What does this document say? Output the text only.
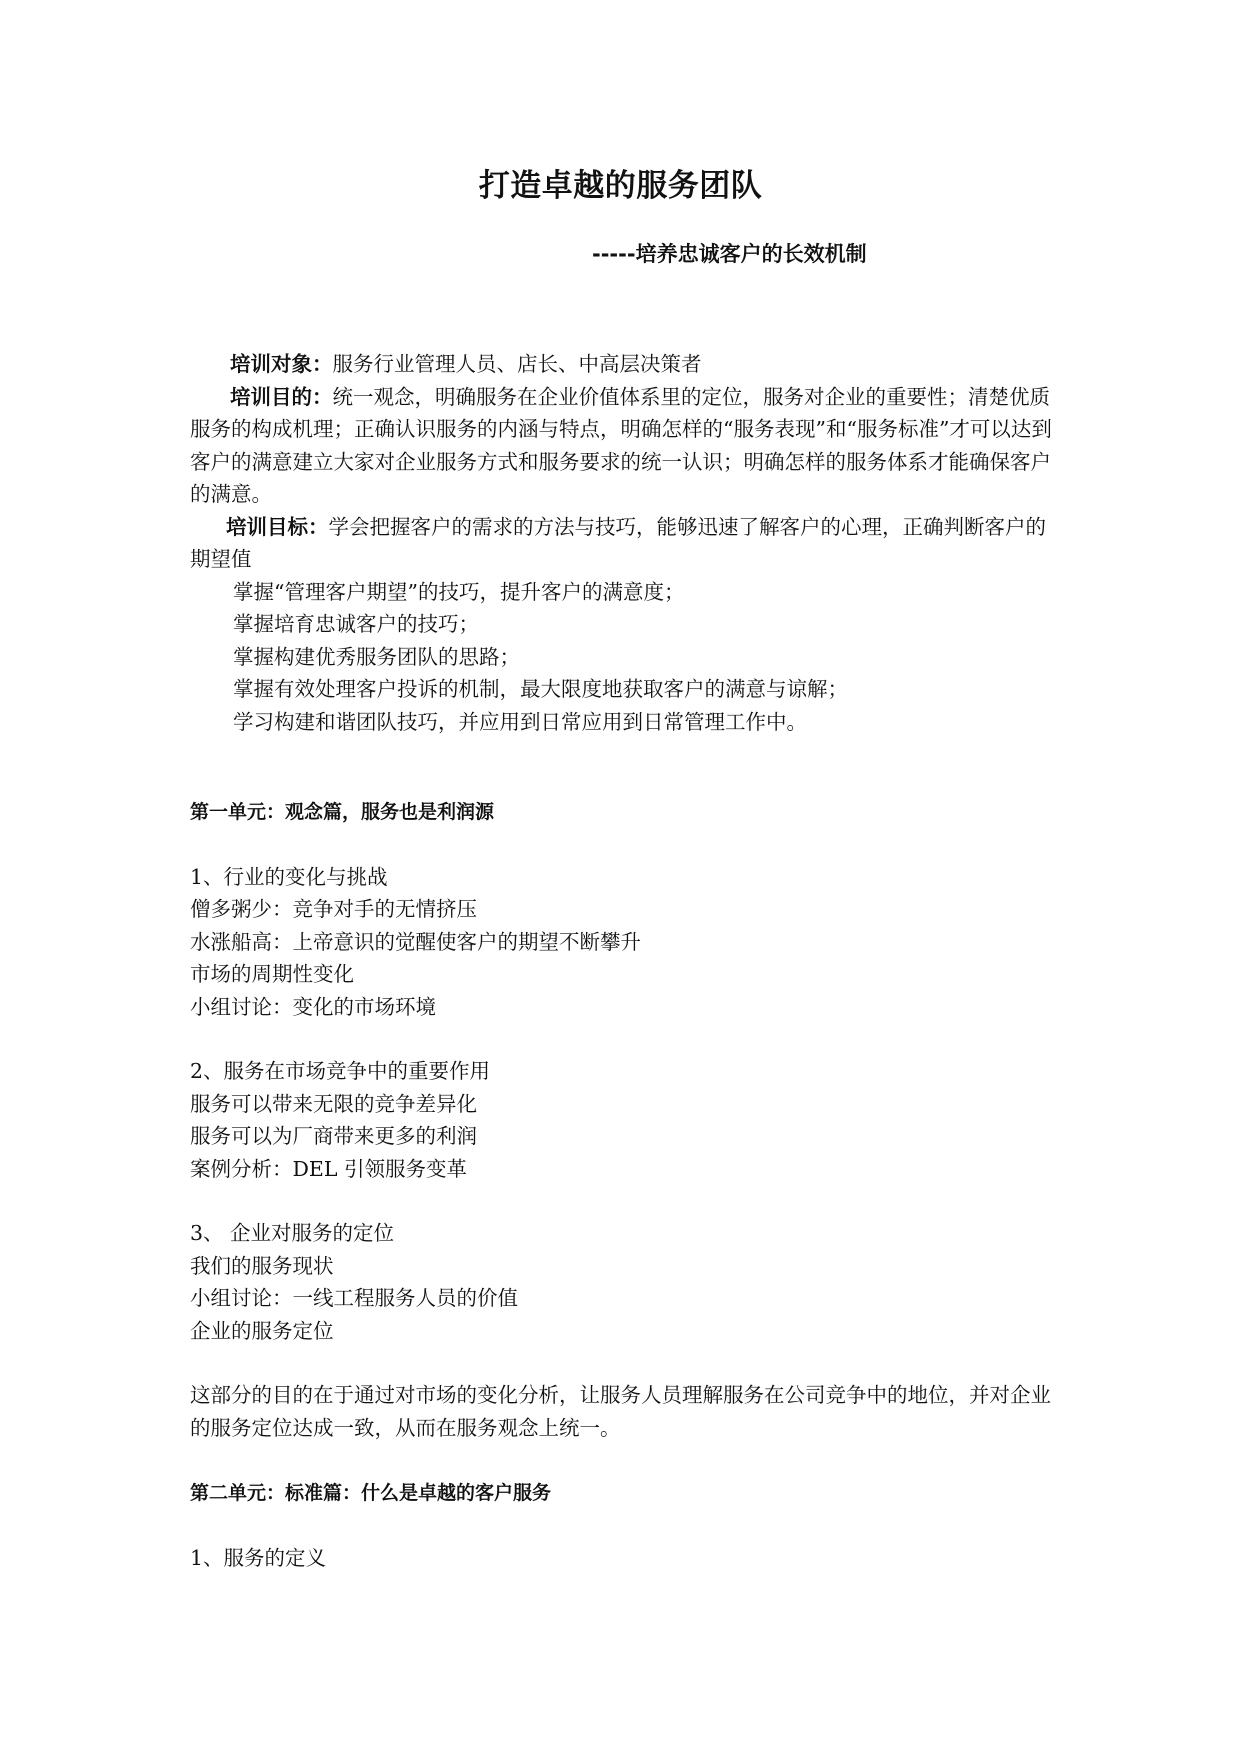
打造卓越的服务团队
-----培养忠诚客户的长效机制

培训对象：服务行业管理人员、店长、中高层决策者

培训目的：统一观念，明确服务在企业价值体系里的定位，服务对企业的重要性；清楚优质服务的构成机理；正确认识服务的内涵与特点，明确怎样的“服务表现”和“服务标准”才可以达到客户的满意建立大家对企业服务方式和服务要求的统一认识；明确怎样的服务体系才能确保客户的满意。

培训目标：学会把握客户的需求的方法与技巧，能够迅速了解客户的心理，正确判断客户的期望值

掌握“管理客户期望”的技巧，提升客户的满意度；

掌握培育忠诚客户的技巧；

掌握构建优秀服务团队的思路；

掌握有效处理客户投诉的机制，最大限度地获取客户的满意与谅解；

学习构建和谐团队技巧，并应用到日常应用到日常管理工作中。

第一单元：观念篇，服务也是利润源

1、行业的变化与挑战

僧多粥少：竞争对手的无情挤压

水涨船高：上帝意识的觉醒使客户的期望不断攀升

市场的周期性变化

小组讨论：变化的市场环境

2、服务在市场竞争中的重要作用

服务可以带来无限的竞争差异化

服务可以为厂商带来更多的利润

案例分析：DEL 引领服务变革

3、 企业对服务的定位

我们的服务现状

小组讨论：一线工程服务人员的价值

企业的服务定位

这部分的目的在于通过对市场的变化分析，让服务人员理解服务在公司竞争中的地位，并对企业的服务定位达成一致，从而在服务观念上统一。

第二单元：标准篇：什么是卓越的客户服务

1、服务的定义
